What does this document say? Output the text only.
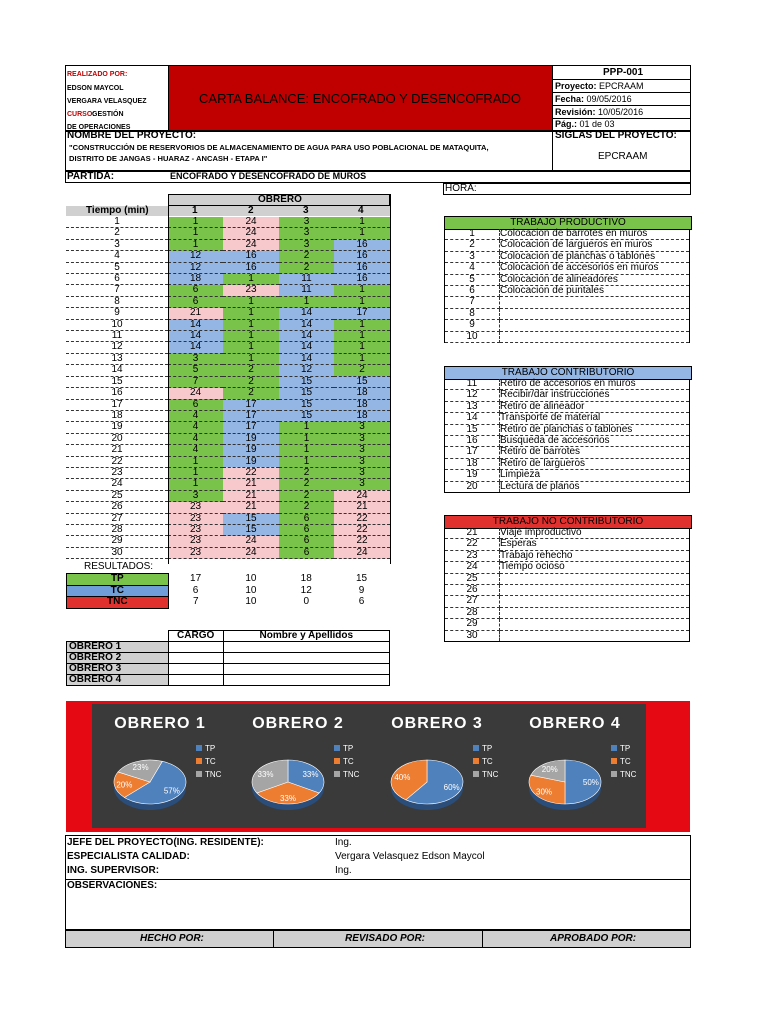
REALIZADO POR:
EDSON MAYCOL
VERGARA VELASQUEZ
CURSO:
GESTIÓN
DE OPERACIONES
CARTA BALANCE: ENCOFRADO Y DESENCOFRADO
PPP-001
Proyecto: EPCRAAM
Fecha: 09/05/2016
Revisión: 10/05/2016
Pág.: 01 de 03
NOMBRE DEL PROYECTO:
"CONSTRUCCIÓN DE RESERVORIOS DE ALMACENAMIENTO DE AGUA PARA USO POBLACIONAL DE MATAQUITA,
DISTRITO DE JANGAS - HUARAZ - ANCASH - ETAPA I"
SIGLAS DEL PROYECTO:
EPCRAAM
PARTIDA:	ENCOFRADO Y DESENCOFRADO DE MUROS
HORA:
OBRERO
Tiempo (min)	1	2	3	4
1	1	24	3	1
2	1	24	3	1
3	1	24	3	16
4	12	16	2	16
5	12	16	2	16
6	18	1	11	16
7	6	23	11	1
8	6	1	1	1
9	21	1	14	17
10	14	1	14	1
11	14	1	14	1
12	14	1	14	1
13	3	1	14	1
14	5	2	12	2
15	7	2	15	15
16	24	2	15	18
17	6	17	15	18
18	4	17	15	18
19	4	17	1	3
20	4	19	1	3
21	4	19	1	3
22	1	19	1	3
23	1	22	2	3
24	1	21	2	3
25	3	21	2	24
26	23	21	2	21
27	23	15	6	22
28	23	15	6	22
29	23	24	6	22
30	23	24	6	24
RESULTADOS:
TP	17	10	18	15
TC	6	10	12	9
TNC	7	10	0	6
	CARGO	Nombre y Apellidos
OBRERO 1		
OBRERO 2		
OBRERO 3		
OBRERO 4		
TRABAJO PRODUCTIVO
1	Colocacion de barrotes en muros
2	Colocacion de largueros en muros
3	Colocacion de planchas o tablones
4	Colocacion de accesorios en muros
5	Colocacion de alineadores
6	Colocacion de puntales
7	
8	
9	
10	
TRABAJO CONTRIBUTORIO
11	Retiro de accesorios en muros
12	Recibir/dar instrucciones
13	Retiro de alineador
14	Transporte de material
15	Retiro de planchas o tablones
16	Busqueda de accesorios
17	Retiro de barrotes
18	Retiro de largueros
19	Limpieza
20	Lectura de planos
TRABAJO NO CONTRIBUTORIO
21	Viaje improductivo
22	Esperas
23	Trabajo rehecho
24	Tiempo ocioso
25	
26	
27	
28	
29	
30	
OBRERO 1
57%
20%
23%
TP
TC
TNC
OBRERO 2
33%
33%
33%
TP
TC
TNC
OBRERO 3
60%
40%
TP
TC
TNC
OBRERO 4
50%
30%
20%
TP
TC
TNC
JEFE DEL PROYECTO(ING. RESIDENTE):	Ing.
ESPECIALISTA CALIDAD:	Vergara Velasquez Edson Maycol
ING. SUPERVISOR:	Ing.
OBSERVACIONES:
HECHO POR:	REVISADO POR:	APROBADO POR:
